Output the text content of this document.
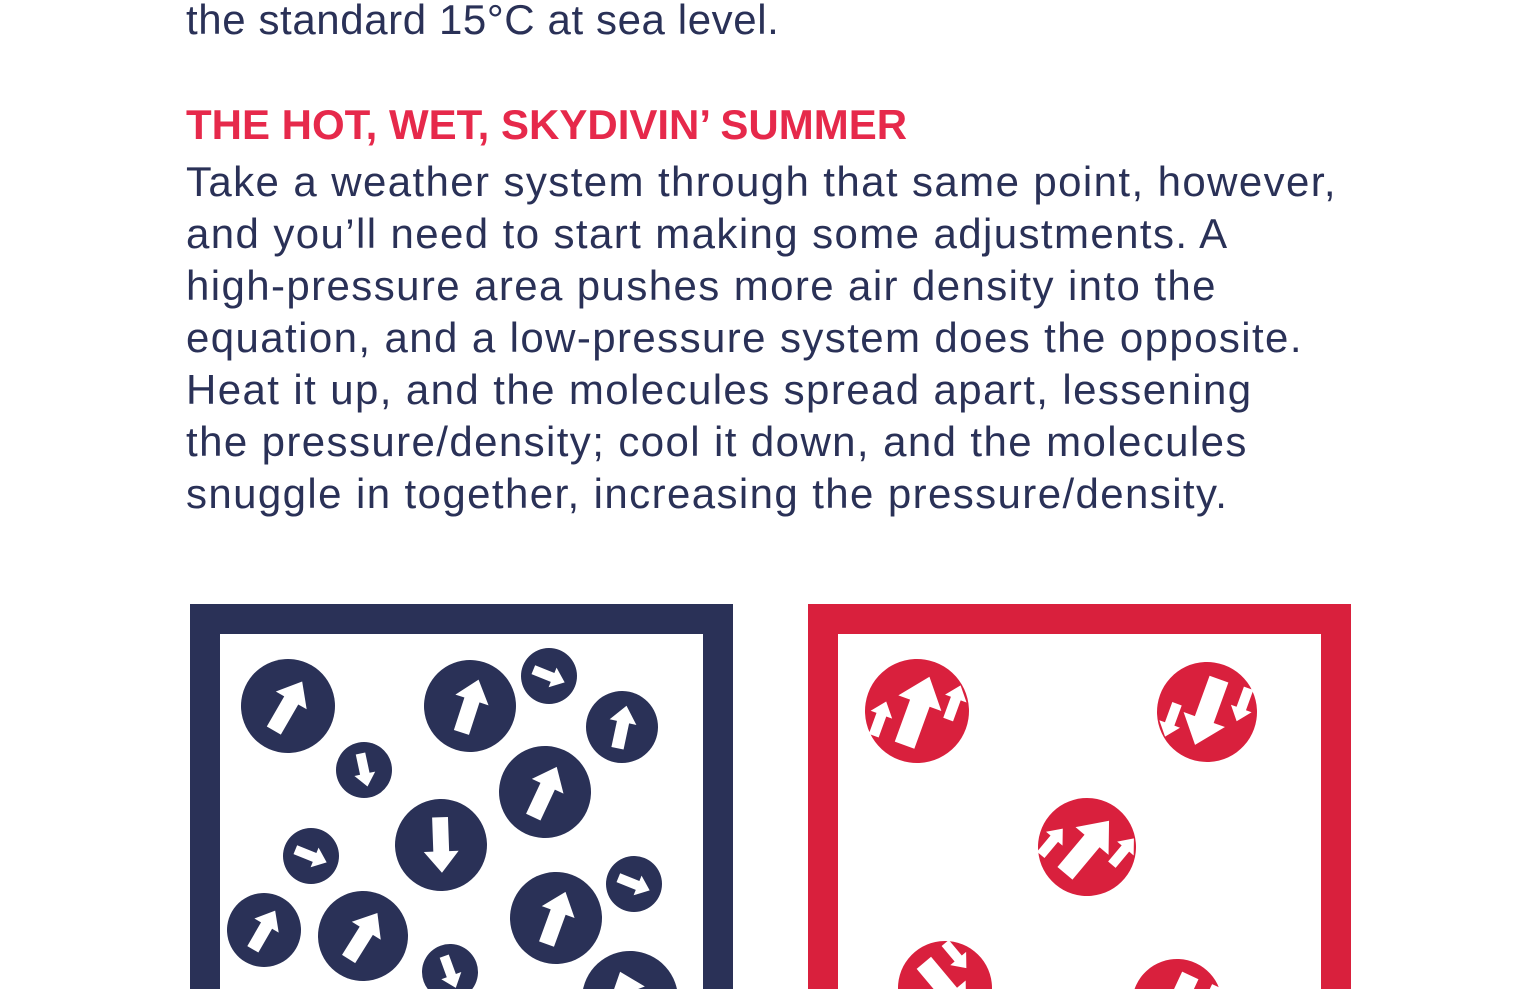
the standard 15°C at sea level.
THE HOT, WET, SKYDIVIN’ SUMMER
Take a weather system through that same point, however,
and you’ll need to start making some adjustments. A
high-pressure area pushes more air density into the
equation, and a low-pressure system does the opposite.
Heat it up, and the molecules spread apart, lessening
the pressure/density; cool it down, and the molecules
snuggle in together, increasing the pressure/density.
